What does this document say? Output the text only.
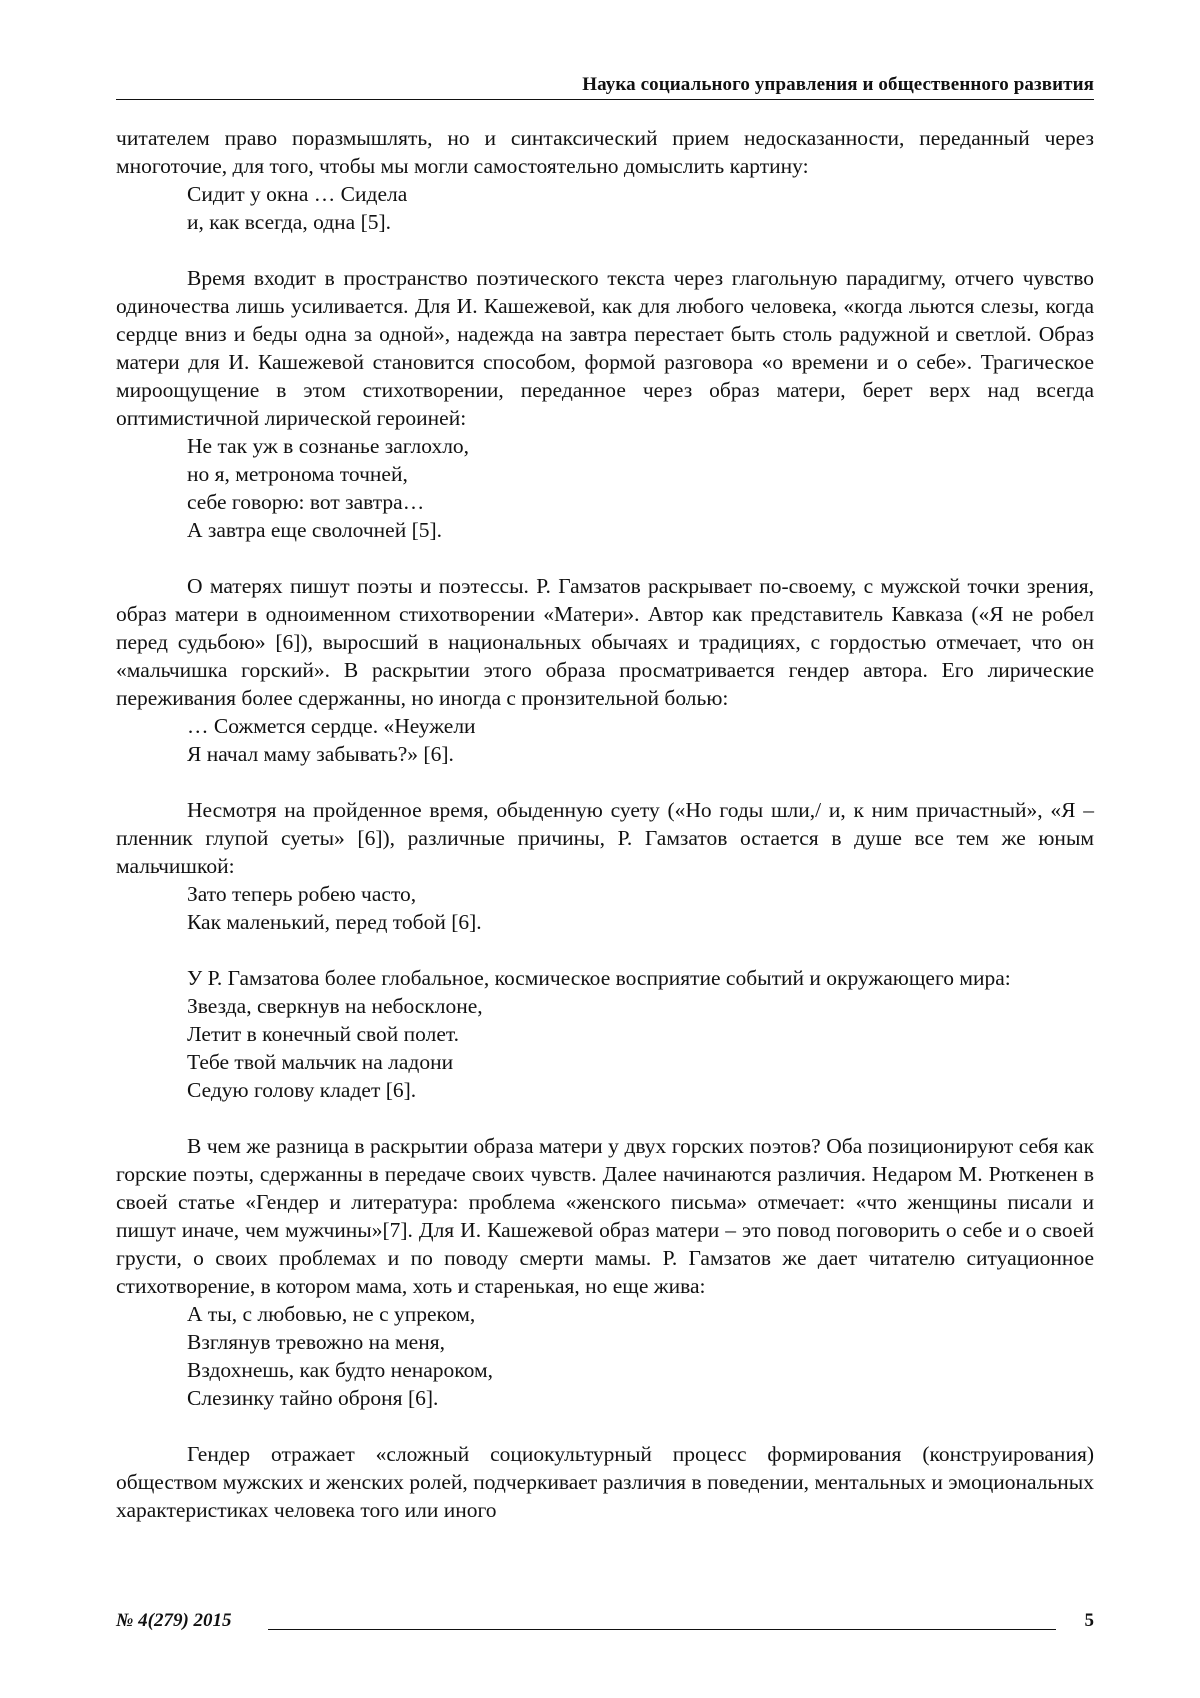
Наука социального управления и общественного развития

читателем право поразмышлять, но и синтаксический прием недосказанности, переданный через многоточие, для того, чтобы мы могли самостоятельно домыслить картину:

Сидит у окна … Сидела
и, как всегда, одна [5].

Время входит в пространство поэтического текста через глагольную парадигму, отчего чувство одиночества лишь усиливается. Для И. Кашежевой, как для любого человека, «когда льются слезы, когда сердце вниз и беды одна за одной», надежда на завтра перестает быть столь радужной и светлой. Образ матери для И. Кашежевой становится способом, формой разговора «о времени и о себе». Трагическое мироощущение в этом стихотворении, переданное через образ матери, берет верх над всегда оптимистичной лирической героиней:

Не так уж в сознанье заглохло,
но я, метронома точней,
себе говорю: вот завтра…
А завтра еще сволочней [5].

О матерях пишут поэты и поэтессы. Р. Гамзатов раскрывает по-своему, с мужской точки зрения, образ матери в одноименном стихотворении «Матери». Автор как представитель Кавказа («Я не робел перед судьбою» [6]), выросший в национальных обычаях и традициях, с гордостью отмечает, что он «мальчишка горский». В раскрытии этого образа просматривается гендер автора. Его лирические переживания более сдержанны, но иногда с пронзительной болью:

… Сожмется сердце. «Неужели
Я начал маму забывать?» [6].

Несмотря на пройденное время, обыденную суету («Но годы шли,/ и, к ним причастный», «Я – пленник глупой суеты» [6]), различные причины, Р. Гамзатов остается в душе все тем же юным мальчишкой:

Зато теперь робею часто,
Как маленький, перед тобой [6].

У Р. Гамзатова более глобальное, космическое восприятие событий и окружающего мира:

Звезда, сверкнув на небосклоне,
Летит в конечный свой полет.
Тебе твой мальчик на ладони
Седую голову кладет [6].

В чем же разница в раскрытии образа матери у двух горских поэтов? Оба позиционируют себя как горские поэты, сдержанны в передаче своих чувств. Далее начинаются различия. Недаром М. Рюткенен в своей статье «Гендер и литература: проблема «женского письма» отмечает: «что женщины писали и пишут иначе, чем мужчины»[7]. Для И. Кашежевой образ матери – это повод поговорить о себе и о своей грусти, о своих проблемах и по поводу смерти мамы. Р. Гамзатов же дает читателю ситуационное стихотворение, в котором мама, хоть и старенькая, но еще жива:

А ты, с любовью, не с упреком,
Взглянув тревожно на меня,
Вздохнешь, как будто ненароком,
Слезинку тайно оброня [6].

Гендер отражает «сложный социокультурный процесс формирования (конструирования) обществом мужских и женских ролей, подчеркивает различия в поведении, ментальных и эмоциональных характеристиках человека того или иного

№ 4(279) 2015	5
